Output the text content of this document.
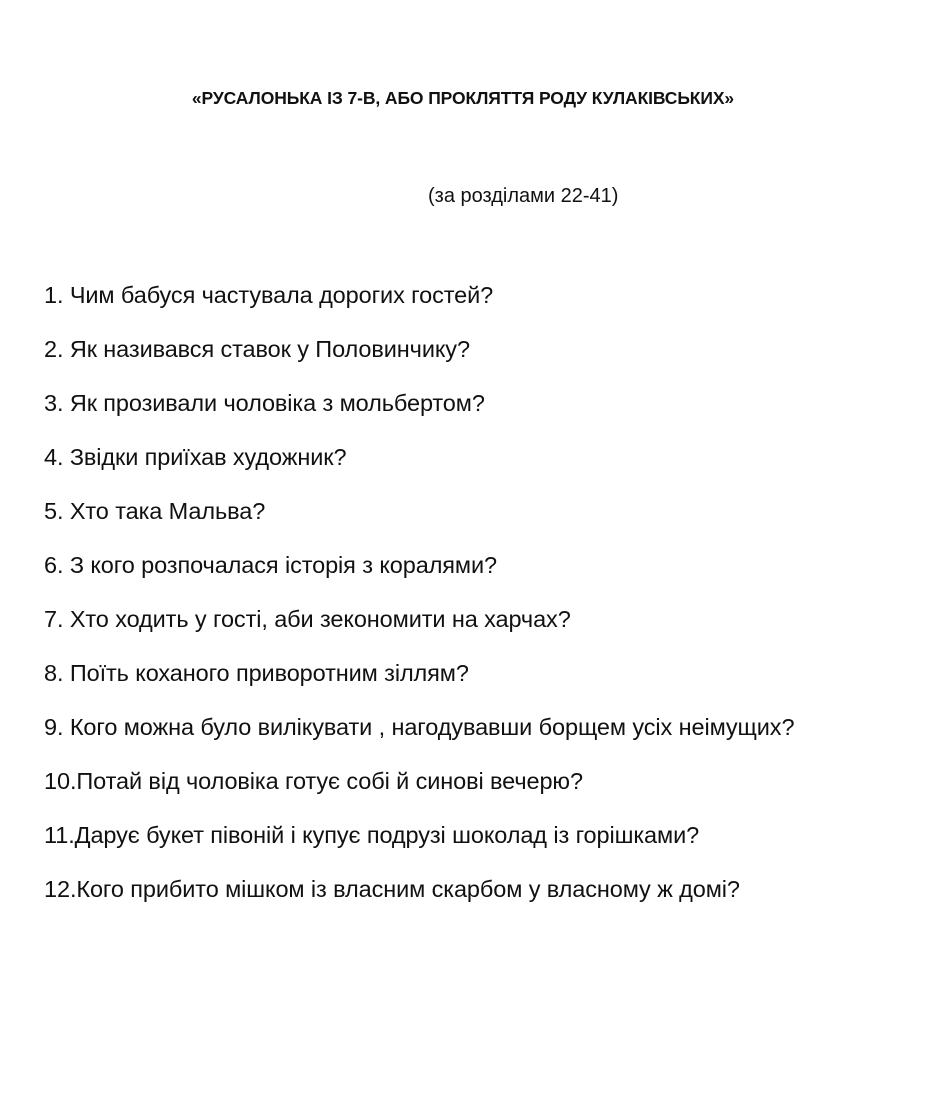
«РУСАЛОНЬКА ІЗ 7-В, АБО ПРОКЛЯТТЯ РОДУ КУЛАКІВСЬКИХ»
(за розділами 22-41)
1. Чим бабуся частувала дорогих гостей?
2. Як називався ставок у Половинчику?
3. Як прозивали чоловіка з мольбертом?
4. Звідки приїхав художник?
5. Хто така Мальва?
6. З кого розпочалася історія з коралями?
7. Хто ходить у гості, аби зекономити на харчах?
8. Поїть коханого приворотним зіллям?
9. Кого можна було вилікувати , нагодувавши борщем усіх неімущих?
10.Потай від чоловіка готує собі й синові вечерю?
11.Дарує букет півоній і купує подрузі шоколад із горішками?
12.Кого прибито мішком із власним скарбом у власному ж домі?
